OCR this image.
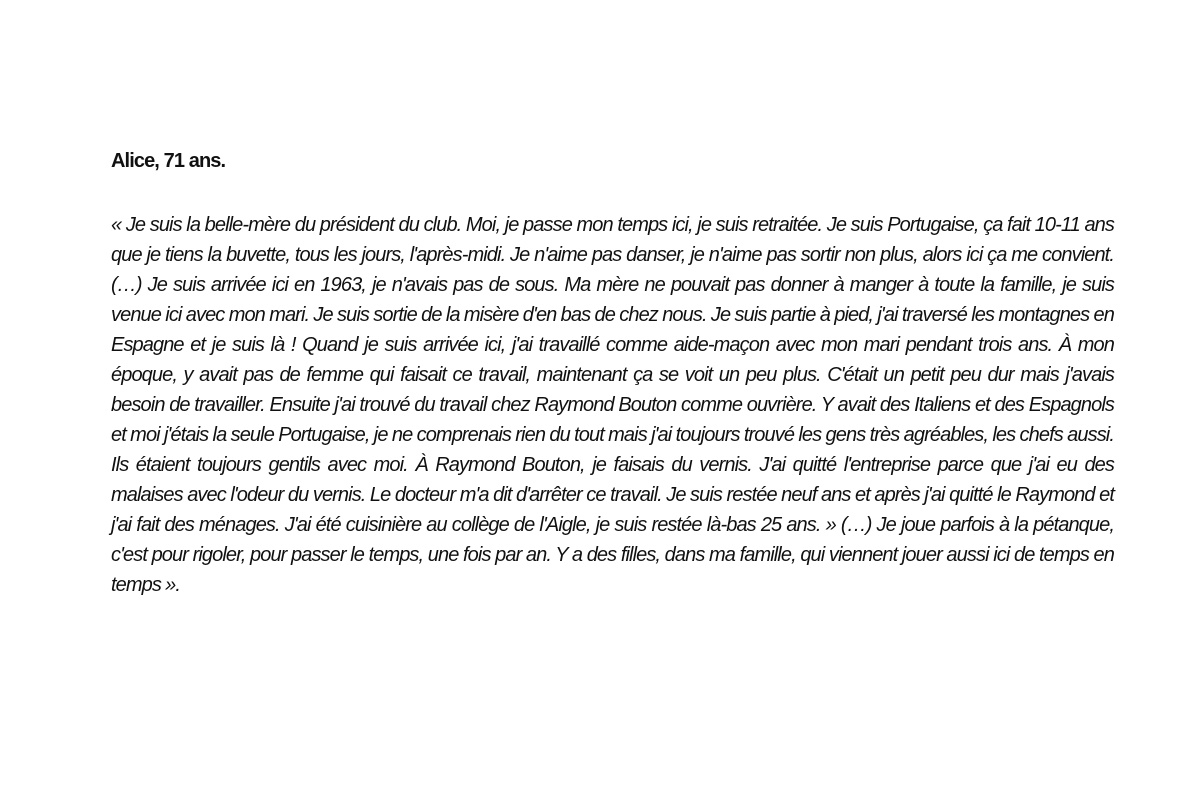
Alice, 71 ans.

« Je suis la belle-mère du président du club. Moi, je passe mon temps ici, je suis retraitée. Je suis Portugaise, ça fait 10-11 ans que je tiens la buvette, tous les jours, l'après-midi. Je n'aime pas danser, je n'aime pas sortir non plus, alors ici ça me convient. (…) Je suis arrivée ici en 1963, je n'avais pas de sous. Ma mère ne pouvait pas donner à manger à toute la famille, je suis venue ici avec mon mari. Je suis sortie de la misère d'en bas de chez nous. Je suis partie à pied, j'ai traversé les montagnes en Espagne et je suis là ! Quand je suis arrivée ici, j'ai travaillé comme aide-maçon avec mon mari pendant trois ans. À mon époque, y avait pas de femme qui faisait ce travail, maintenant ça se voit un peu plus. C'était un petit peu dur mais j'avais besoin de travailler. Ensuite j'ai trouvé du travail chez Raymond Bouton comme ouvrière. Y avait des Italiens et des Espagnols et moi j'étais la seule Portugaise, je ne comprenais rien du tout mais j'ai toujours trouvé les gens très agréables, les chefs aussi. Ils étaient toujours gentils avec moi. À Raymond Bouton, je faisais du vernis. J'ai quitté l'entreprise parce que j'ai eu des malaises avec l'odeur du vernis. Le docteur m'a dit d'arrêter ce travail. Je suis restée neuf ans et après j'ai quitté le Raymond et j'ai fait des ménages. J'ai été cuisinière au collège de l'Aigle, je suis restée là-bas 25 ans. » (…) Je joue parfois à la pétanque, c'est pour rigoler, pour passer le temps, une fois par an. Y a des filles, dans ma famille, qui viennent jouer aussi ici de temps en temps ».
